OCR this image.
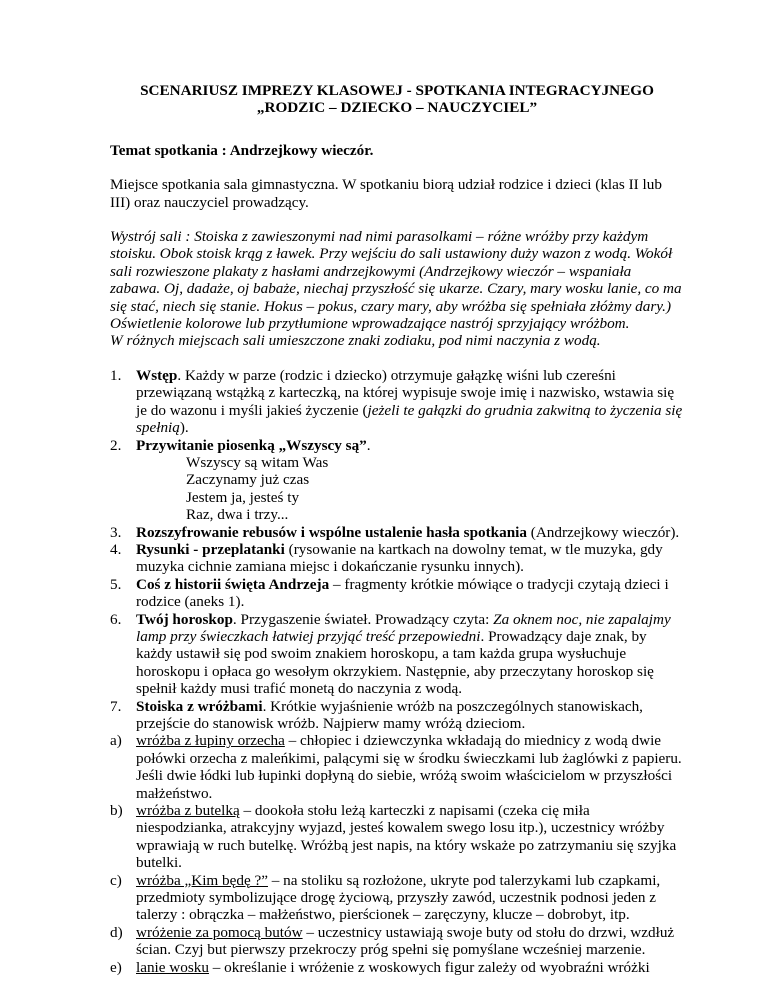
SCENARIUSZ IMPREZY KLASOWEJ - SPOTKANIA INTEGRACYJNEGO
„RODZIC – DZIECKO – NAUCZYCIEL”

Temat spotkania : Andrzejkowy wieczór.

Miejsce spotkania sala gimnastyczna. W spotkaniu biorą udział rodzice i dzieci (klas II lub III) oraz nauczyciel prowadzący.

Wystrój sali : Stoiska z zawieszonymi nad nimi parasolkami – różne wróżby przy każdym stoisku. Obok stoisk krąg z ławek. Przy wejściu do sali ustawiony duży wazon z wodą. Wokół sali rozwieszone plakaty z hasłami andrzejkowymi (Andrzejkowy wieczór – wspaniała zabawa. Oj, dadaże, oj babaże, niechaj przyszłość się ukarze. Czary, mary wosku lanie, co ma się stać, niech się stanie. Hokus – pokus, czary mary, aby wróżba się spełniała złóżmy dary.) Oświetlenie kolorowe lub przytłumione wprowadzające nastrój sprzyjający wróżbom.
W różnych miejscach sali umieszczone znaki zodiaku, pod nimi naczynia z wodą.
1. Wstęp. Każdy w parze (rodzic i dziecko) otrzymuje gałązkę wiśni lub czereśni przewiązaną wstążką z karteczką, na której wypisuje swoje imię i nazwisko, wstawia się je do wazonu i myśli jakieś życzenie (jeżeli te gałązki do grudnia zakwitną to życzenia się spełnią).
2. Przywitanie piosenką „Wszyscy są”.
Wszyscy są witam Was
Zaczynamy już czas
Jestem ja, jesteś ty
Raz, dwa i trzy...
3. Rozszyfrowanie rebusów i wspólne ustalenie hasła spotkania (Andrzejkowy wieczór).
4. Rysunki - przeplatanki (rysowanie na kartkach na dowolny temat, w tle muzyka, gdy muzyka cichnie zamiana miejsc i dokańczanie rysunku innych).
5. Coś z historii święta Andrzeja – fragmenty krótkie mówiące o tradycji czytają dzieci i rodzice (aneks 1).
6. Twój horoskop. Przygaszenie świateł. Prowadzący czyta: Za oknem noc, nie zapalajmy lamp przy świeczkach łatwiej przyjąć treść przepowiedni. Prowadzący daje znak, by każdy ustawił się pod swoim znakiem horoskopu, a tam każda grupa wysłuchuje horoskopu i opłaca go wesołym okrzykiem. Następnie, aby przeczytany horoskop się spełnił każdy musi trafić monetą do naczynia z wodą.
7. Stoiska z wróżbami. Krótkie wyjaśnienie wróżb na poszczególnych stanowiskach, przejście do stanowisk wróżb. Najpierw mamy wróżą dzieciom.
a) wróżba z łupiny orzecha – chłopiec i dziewczynka wkładają do miednicy z wodą dwie połówki orzecha z maleńkimi, palącymi się w środku świeczkami lub żaglówki z papieru. Jeśli dwie łódki lub łupinki dopłyną do siebie, wróżą swoim właścicielom w przyszłości małżeństwo.
b) wróżba z butelką – dookoła stołu leżą karteczki z napisami (czeka cię miła niespodzianka, atrakcyjny wyjazd, jesteś kowalem swego losu itp.), uczestnicy wróżby wprawiają w ruch butelkę. Wróżbą jest napis, na który wskaże po zatrzymaniu się szyjka butelki.
c) wróżba „Kim będę ?” – na stoliku są rozłożone, ukryte pod talerzykami lub czapkami, przedmioty symbolizujące drogę życiową, przyszły zawód, uczestnik podnosi jeden z talerzy : obrączka – małżeństwo, pierścionek – zaręczyny, klucze – dobrobyt, itp.
d) wróżenie za pomocą butów – uczestnicy ustawiają swoje buty od stołu do drzwi, wzdłuż ścian. Czyj but pierwszy przekroczy próg spełni się pomyślane wcześniej marzenie.
e) lanie wosku – określanie i wróżenie z woskowych figur zależy od wyobraźni wróżki
